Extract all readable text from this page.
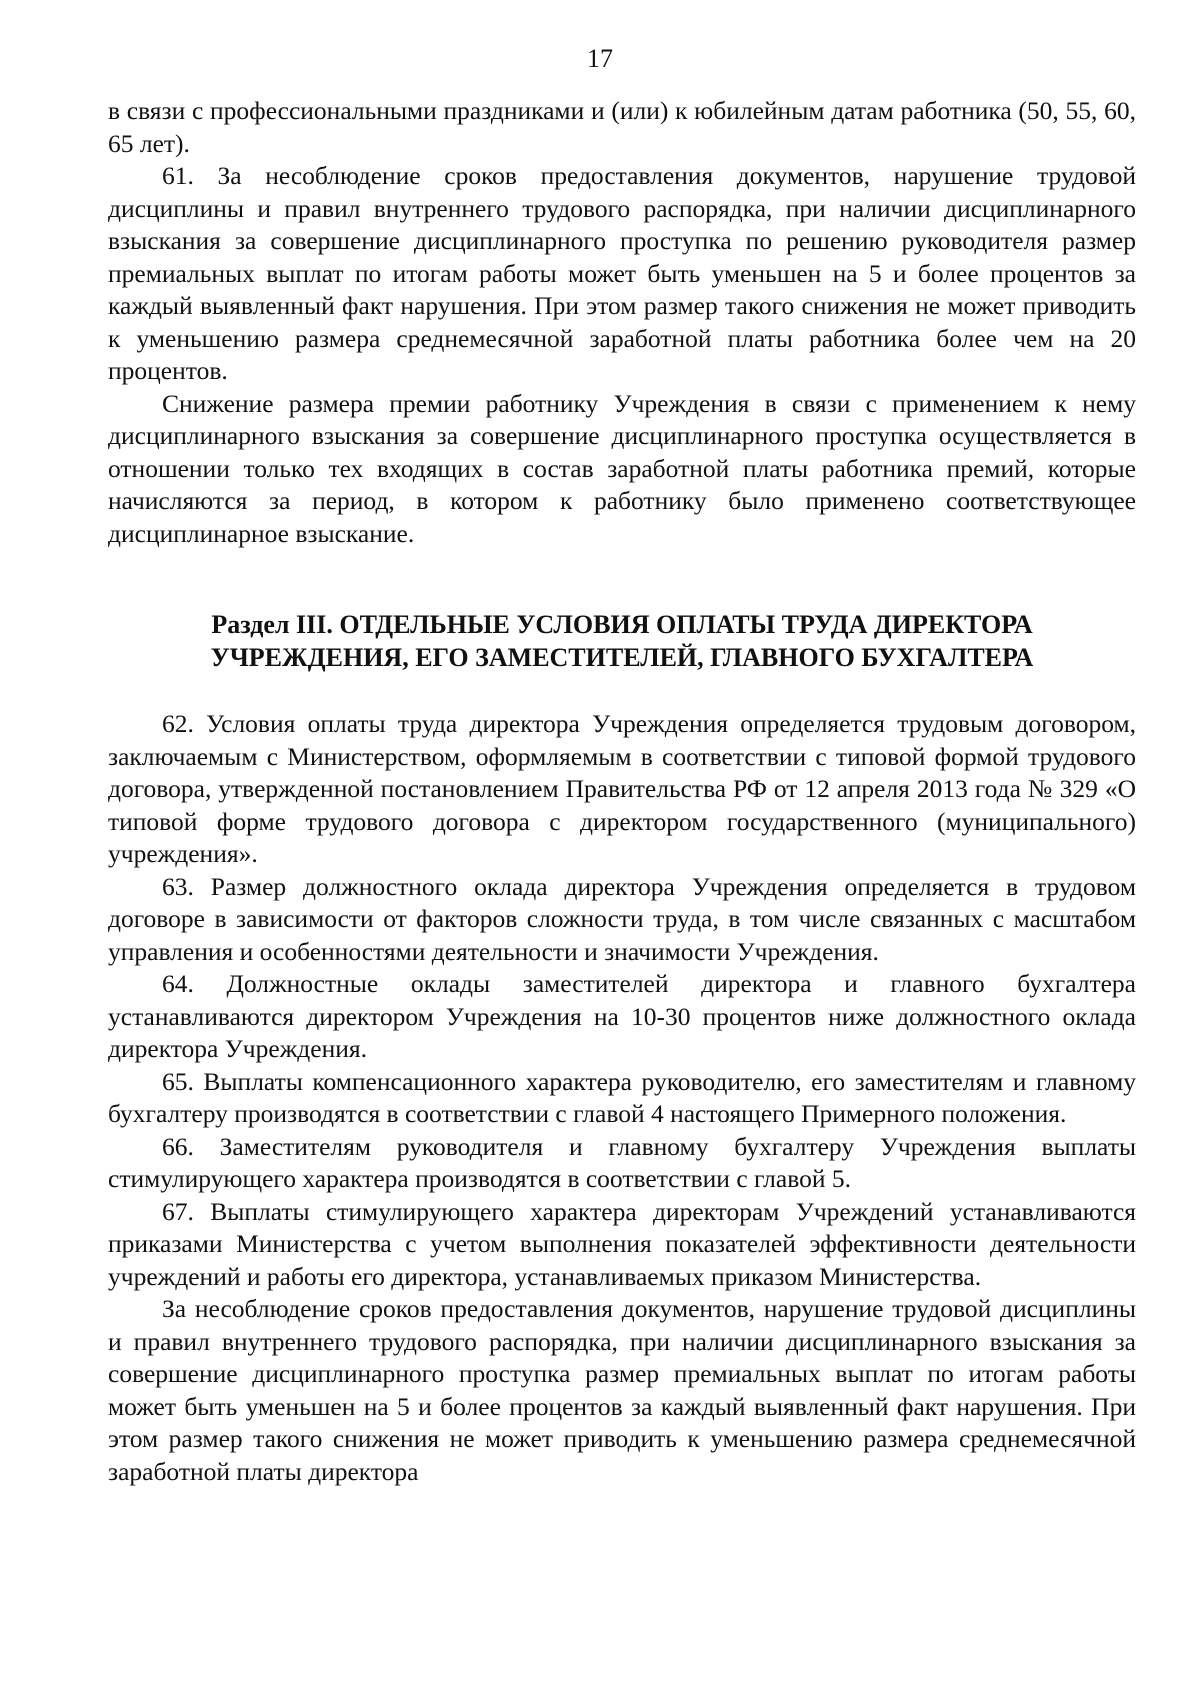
17

в связи с профессиональными праздниками и (или) к юбилейным датам работника (50, 55, 60, 65 лет).

61. За несоблюдение сроков предоставления документов, нарушение трудовой дисциплины и правил внутреннего трудового распорядка, при наличии дисциплинарного взыскания за совершение дисциплинарного проступка по решению руководителя размер премиальных выплат по итогам работы может быть уменьшен на 5 и более процентов за каждый выявленный факт нарушения. При этом размер такого снижения не может приводить к уменьшению размера среднемесячной заработной платы работника более чем на 20 процентов.

Снижение размера премии работнику Учреждения в связи с применением к нему дисциплинарного взыскания за совершение дисциплинарного проступка осуществляется в отношении только тех входящих в состав заработной платы работника премий, которые начисляются за период, в котором к работнику было применено соответствующее дисциплинарное взыскание.

Раздел III. ОТДЕЛЬНЫЕ УСЛОВИЯ ОПЛАТЫ ТРУДА ДИРЕКТОРА
УЧРЕЖДЕНИЯ, ЕГО ЗАМЕСТИТЕЛЕЙ, ГЛАВНОГО БУХГАЛТЕРА

62. Условия оплаты труда директора Учреждения определяется трудовым договором, заключаемым с Министерством, оформляемым в соответствии с типовой формой трудового договора, утвержденной постановлением Правительства РФ от 12 апреля 2013 года № 329 «О типовой форме трудового договора с директором государственного (муниципального) учреждения».

63. Размер должностного оклада директора Учреждения определяется в трудовом договоре в зависимости от факторов сложности труда, в том числе связанных с масштабом управления и особенностями деятельности и значимости Учреждения.

64. Должностные оклады заместителей директора и главного бухгалтера устанавливаются директором Учреждения на 10-30 процентов ниже должностного оклада директора Учреждения.

65. Выплаты компенсационного характера руководителю, его заместителям и главному бухгалтеру производятся в соответствии с главой 4 настоящего Примерного положения.

66. Заместителям руководителя и главному бухгалтеру Учреждения выплаты стимулирующего характера производятся в соответствии с главой 5.

67. Выплаты стимулирующего характера директорам Учреждений устанавливаются приказами Министерства с учетом выполнения показателей эффективности деятельности учреждений и работы его директора, устанавливаемых приказом Министерства.

За несоблюдение сроков предоставления документов, нарушение трудовой дисциплины и правил внутреннего трудового распорядка, при наличии дисциплинарного взыскания за совершение дисциплинарного проступка размер премиальных выплат по итогам работы может быть уменьшен на 5 и более процентов за каждый выявленный факт нарушения. При этом размер такого снижения не может приводить к уменьшению размера среднемесячной заработной платы директора
